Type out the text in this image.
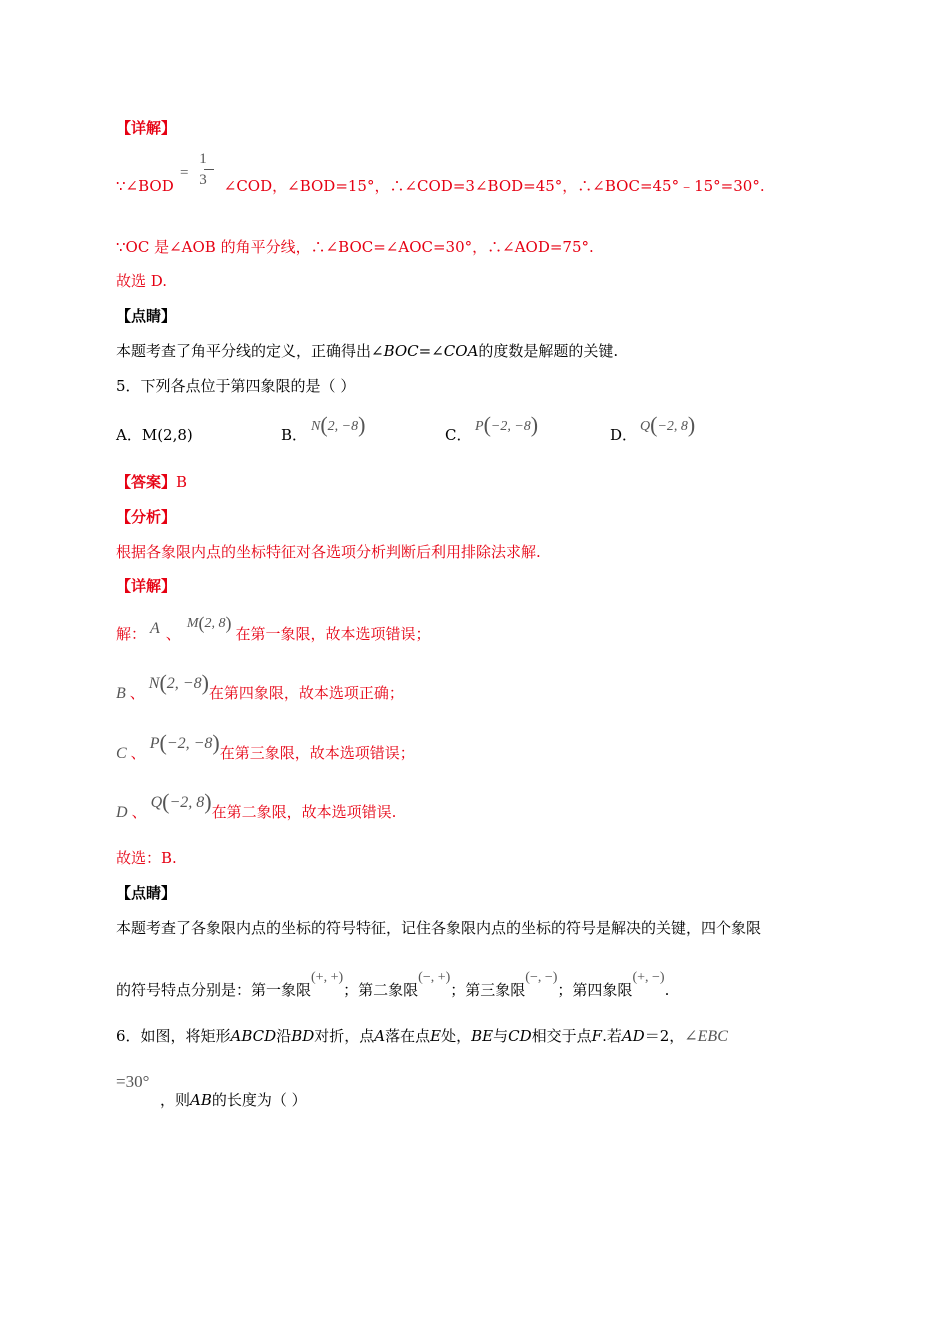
【详解】
∵∠BOD	∠COD，∠BOD=15°，∴∠COD=3∠BOD=45°，∴∠BOC=45°﹣15°=30°.
=
1
3
∵OC 是∠AOB 的角平分线，∴∠BOC=∠AOC=30°，∴∠AOD=75°.
故选 D.
【点睛】
本题考查了角平分线的定义，正确得出∠BOC=∠COA的度数是解题的关键.
5．下列各点位于第四象限的是（ ）
A．M(2,8)	B． N(2, −8)	C． P(−2, −8)	D． Q(−2, 8)
【答案】B
【分析】
根据各象限内点的坐标特征对各选项分析判断后利用排除法求解.
【详解】
解： A 、M(2, 8)在第一象限，故本选项错误；
B 、N(2, −8)在第四象限，故本选项正确；
C 、P(−2, −8)在第三象限，故本选项错误；
D 、Q(−2, 8)在第二象限，故本选项错误.
故选：B.
【点睛】
本题考查了各象限内点的坐标的符号特征，记住各象限内点的坐标的符号是解决的关键，四个象限
的符号特点分别是：第一象限(+, +)；第二象限(−, +)；第三象限(−, −)；第四象限(+, −).
6．如图，将矩形ABCD沿BD对折，点A落在点E处，BE与CD相交于点F.若AD＝2，∠EBC
=30°
，则AB的长度为（ ）
